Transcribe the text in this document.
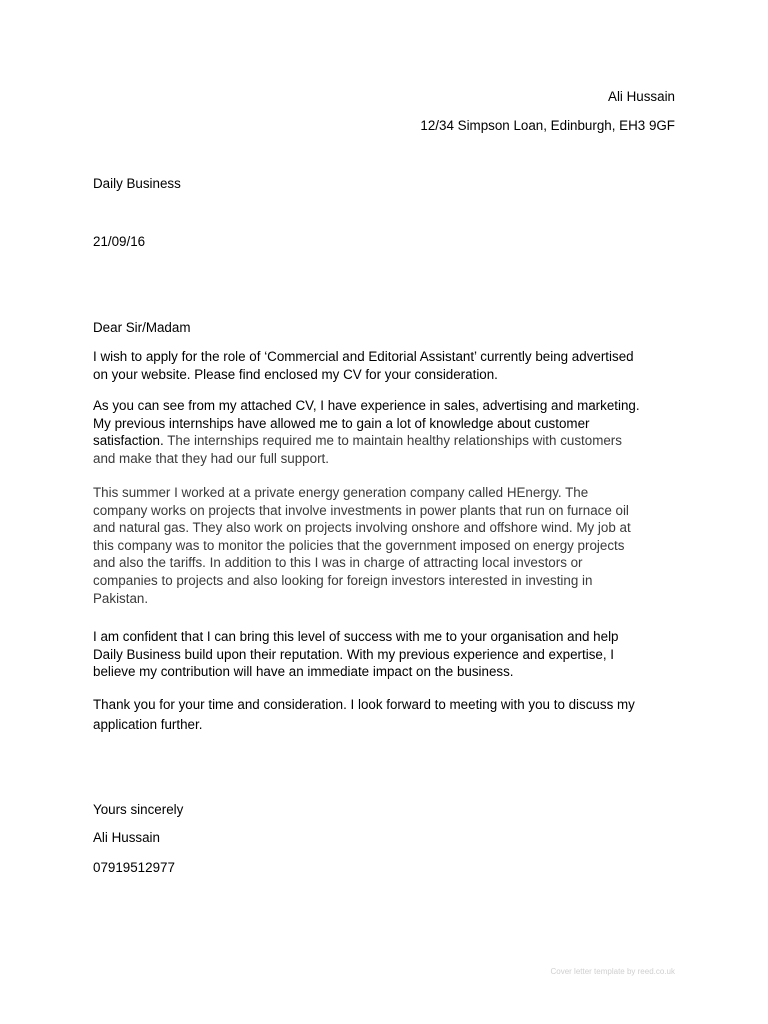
Ali Hussain
12/34 Simpson Loan, Edinburgh, EH3 9GF
Daily Business
21/09/16
Dear Sir/Madam
I wish to apply for the role of ‘Commercial and Editorial Assistant’ currently being advertised
on your website. Please find enclosed my CV for your consideration.
As you can see from my attached CV, I have experience in sales, advertising and marketing.
My previous internships have allowed me to gain a lot of knowledge about customer
satisfaction. The internships required me to maintain healthy relationships with customers
and make that they had our full support.
This summer I worked at a private energy generation company called HEnergy. The
company works on projects that involve investments in power plants that run on furnace oil
and natural gas. They also work on projects involving onshore and offshore wind. My job at
this company was to monitor the policies that the government imposed on energy projects
and also the tariffs. In addition to this I was in charge of attracting local investors or
companies to projects and also looking for foreign investors interested in investing in
Pakistan.
I am confident that I can bring this level of success with me to your organisation and help
Daily Business build upon their reputation. With my previous experience and expertise, I
believe my contribution will have an immediate impact on the business.
Thank you for your time and consideration. I look forward to meeting with you to discuss my
application further.
Yours sincerely
Ali Hussain
07919512977
Cover letter template by reed.co.uk
